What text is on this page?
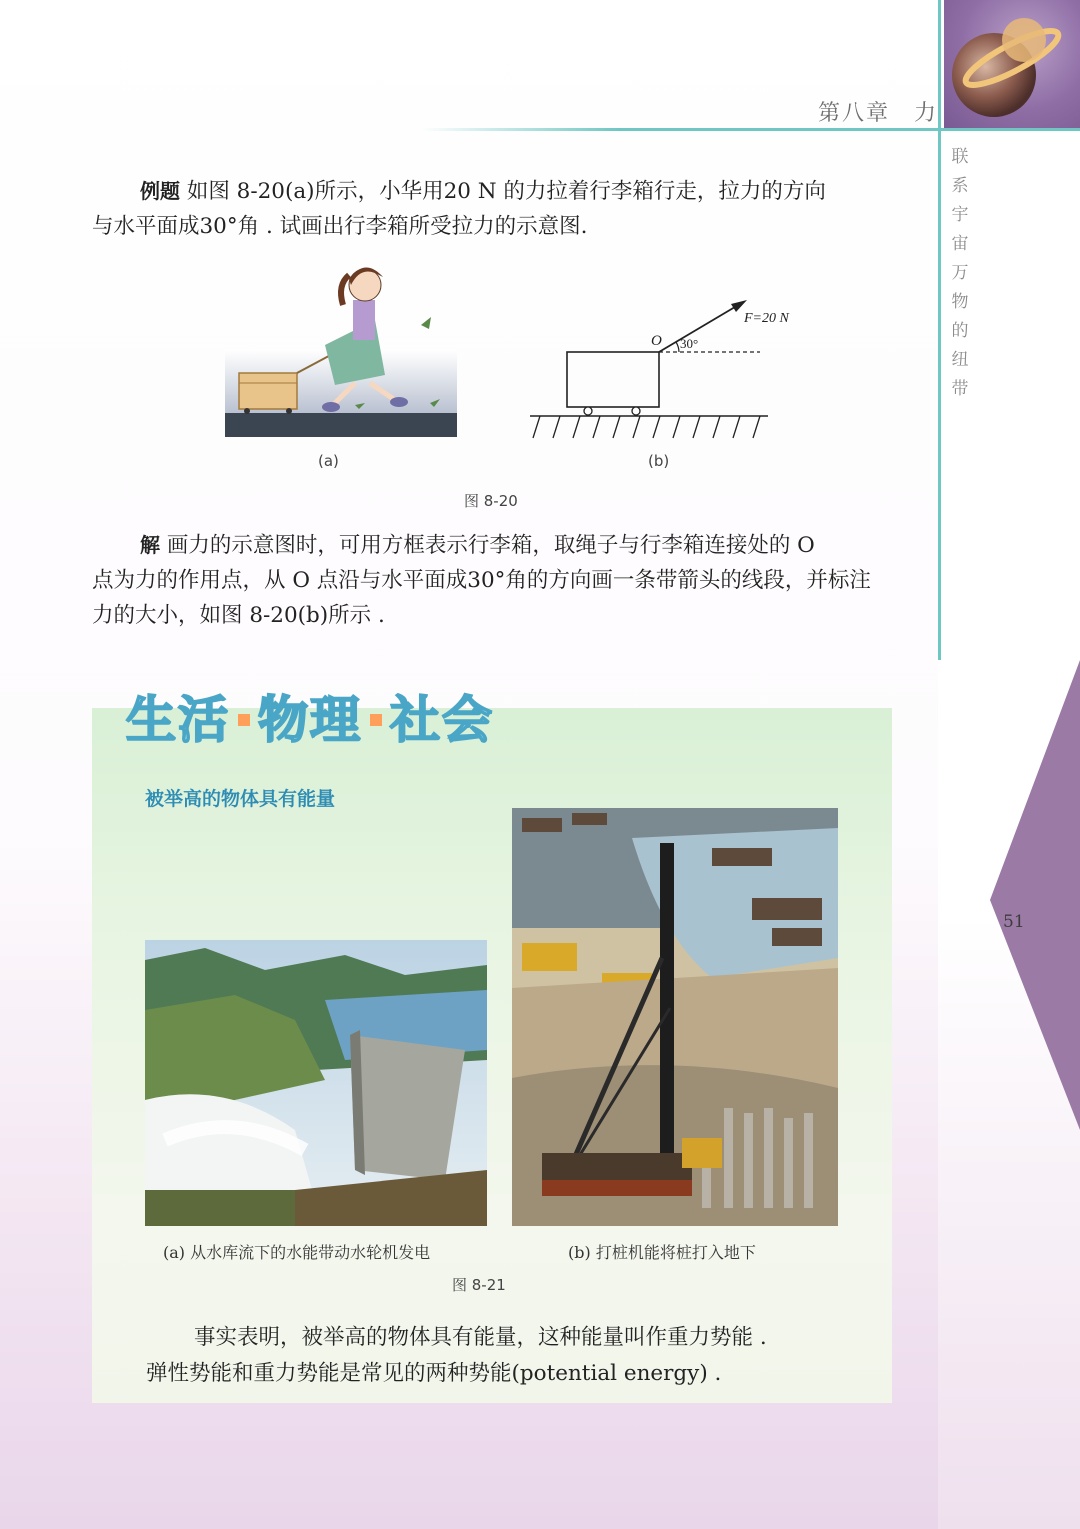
第八章　力
联
系
宇
宙
万
物
的
纽
带
51

例题 如图 8-20(a)所示，小华用20 N 的力拉着行李箱行走，拉力的方向

与水平面成30°角 . 试画出行李箱所受拉力的示意图.

(a)
O 30°
F=20 N
(b)
图 8-20

解 画力的示意图时，可用方框表示行李箱，取绳子与行李箱连接处的 O

点为力的作用点，从 O 点沿与水平面成30°角的方向画一条带箭头的线段，并标注

力的大小，如图 8-20(b)所示 .

生活 物理 社会
被举高的物体具有能量
(a) 从水库流下的水能带动水轮机发电	(b) 打桩机能将桩打入地下
图 8-21

事实表明，被举高的物体具有能量，这种能量叫作重力势能 .

弹性势能和重力势能是常见的两种势能(potential energy) .
